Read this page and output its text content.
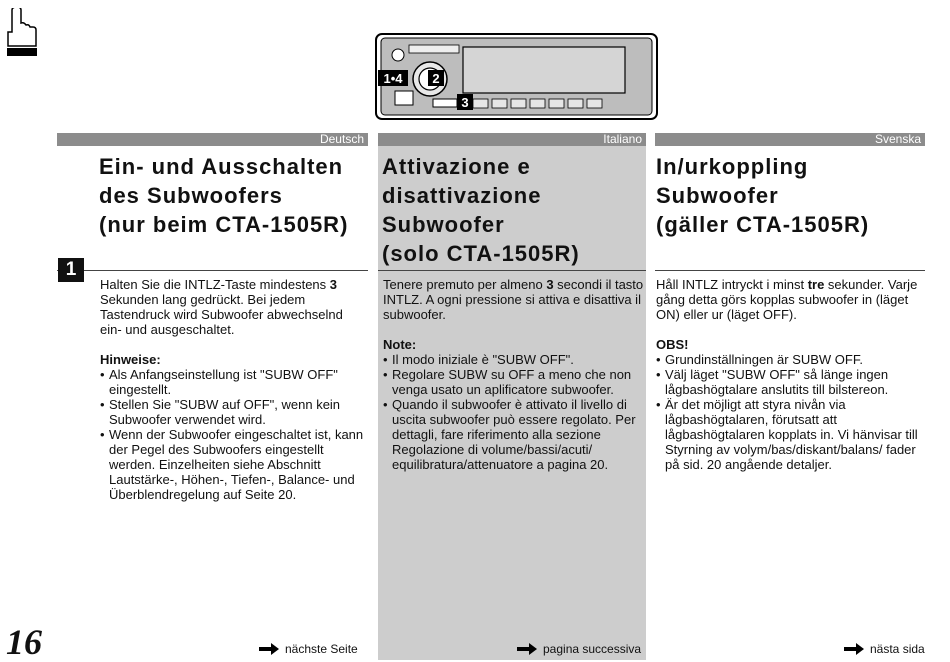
1•4 2
3
Deutsch	Italiano	Svenska
1
Ein- und Ausschalten
des Subwoofers
(nur beim CTA-1505R)
Attivazione e
disattivazione
Subwoofer
(solo CTA-1505R)
In/urkoppling
Subwoofer
(gäller CTA-1505R)

Halten Sie die INTLZ-Taste mindestens 3 Sekunden lang gedrückt. Bei jedem Tastendruck wird Subwoofer abwechselnd ein- und ausgeschaltet.

Hinweise:

• Als Anfangseinstellung ist "SUBW OFF" eingestellt.
• Stellen Sie "SUBW auf OFF", wenn kein Subwoofer verwendet wird.
• Wenn der Subwoofer eingeschaltet ist, kann der Pegel des Subwoofers eingestellt werden. Einzelheiten siehe Abschnitt Lautstärke-, Höhen-, Tiefen-, Balance- und Überblendregelung auf Seite 20.

Tenere premuto per almeno 3 secondi il tasto INTLZ. A ogni pressione si attiva e disattiva il subwoofer.

Note:

• Il modo iniziale è "SUBW OFF".
• Regolare SUBW su OFF a meno che non venga usato un aplificatore subwoofer.
• Quando il subwoofer è attivato il livello di uscita subwoofer può essere regolato. Per dettagli, fare riferimento alla sezione Regolazione di volume/bassi/acuti/ equilibratura/attenuatore a pagina 20.

Håll INTLZ intryckt i minst tre sekunder. Varje gång detta görs kopplas subwoofer in (läget ON) eller ur (läget OFF).

OBS!

• Grundinställningen är SUBW OFF.
• Välj läget "SUBW OFF" så länge ingen lågbashögtalare anslutits till bilstereon.
• Är det möjligt att styra nivån via lågbashögtalaren, förutsatt att lågbashögtalaren kopplats in. Vi hänvisar till Styrning av volym/bas/diskant/balans/ fader på sid. 20 angående detaljer.
16	nächste Seite	pagina successiva	nästa sida
